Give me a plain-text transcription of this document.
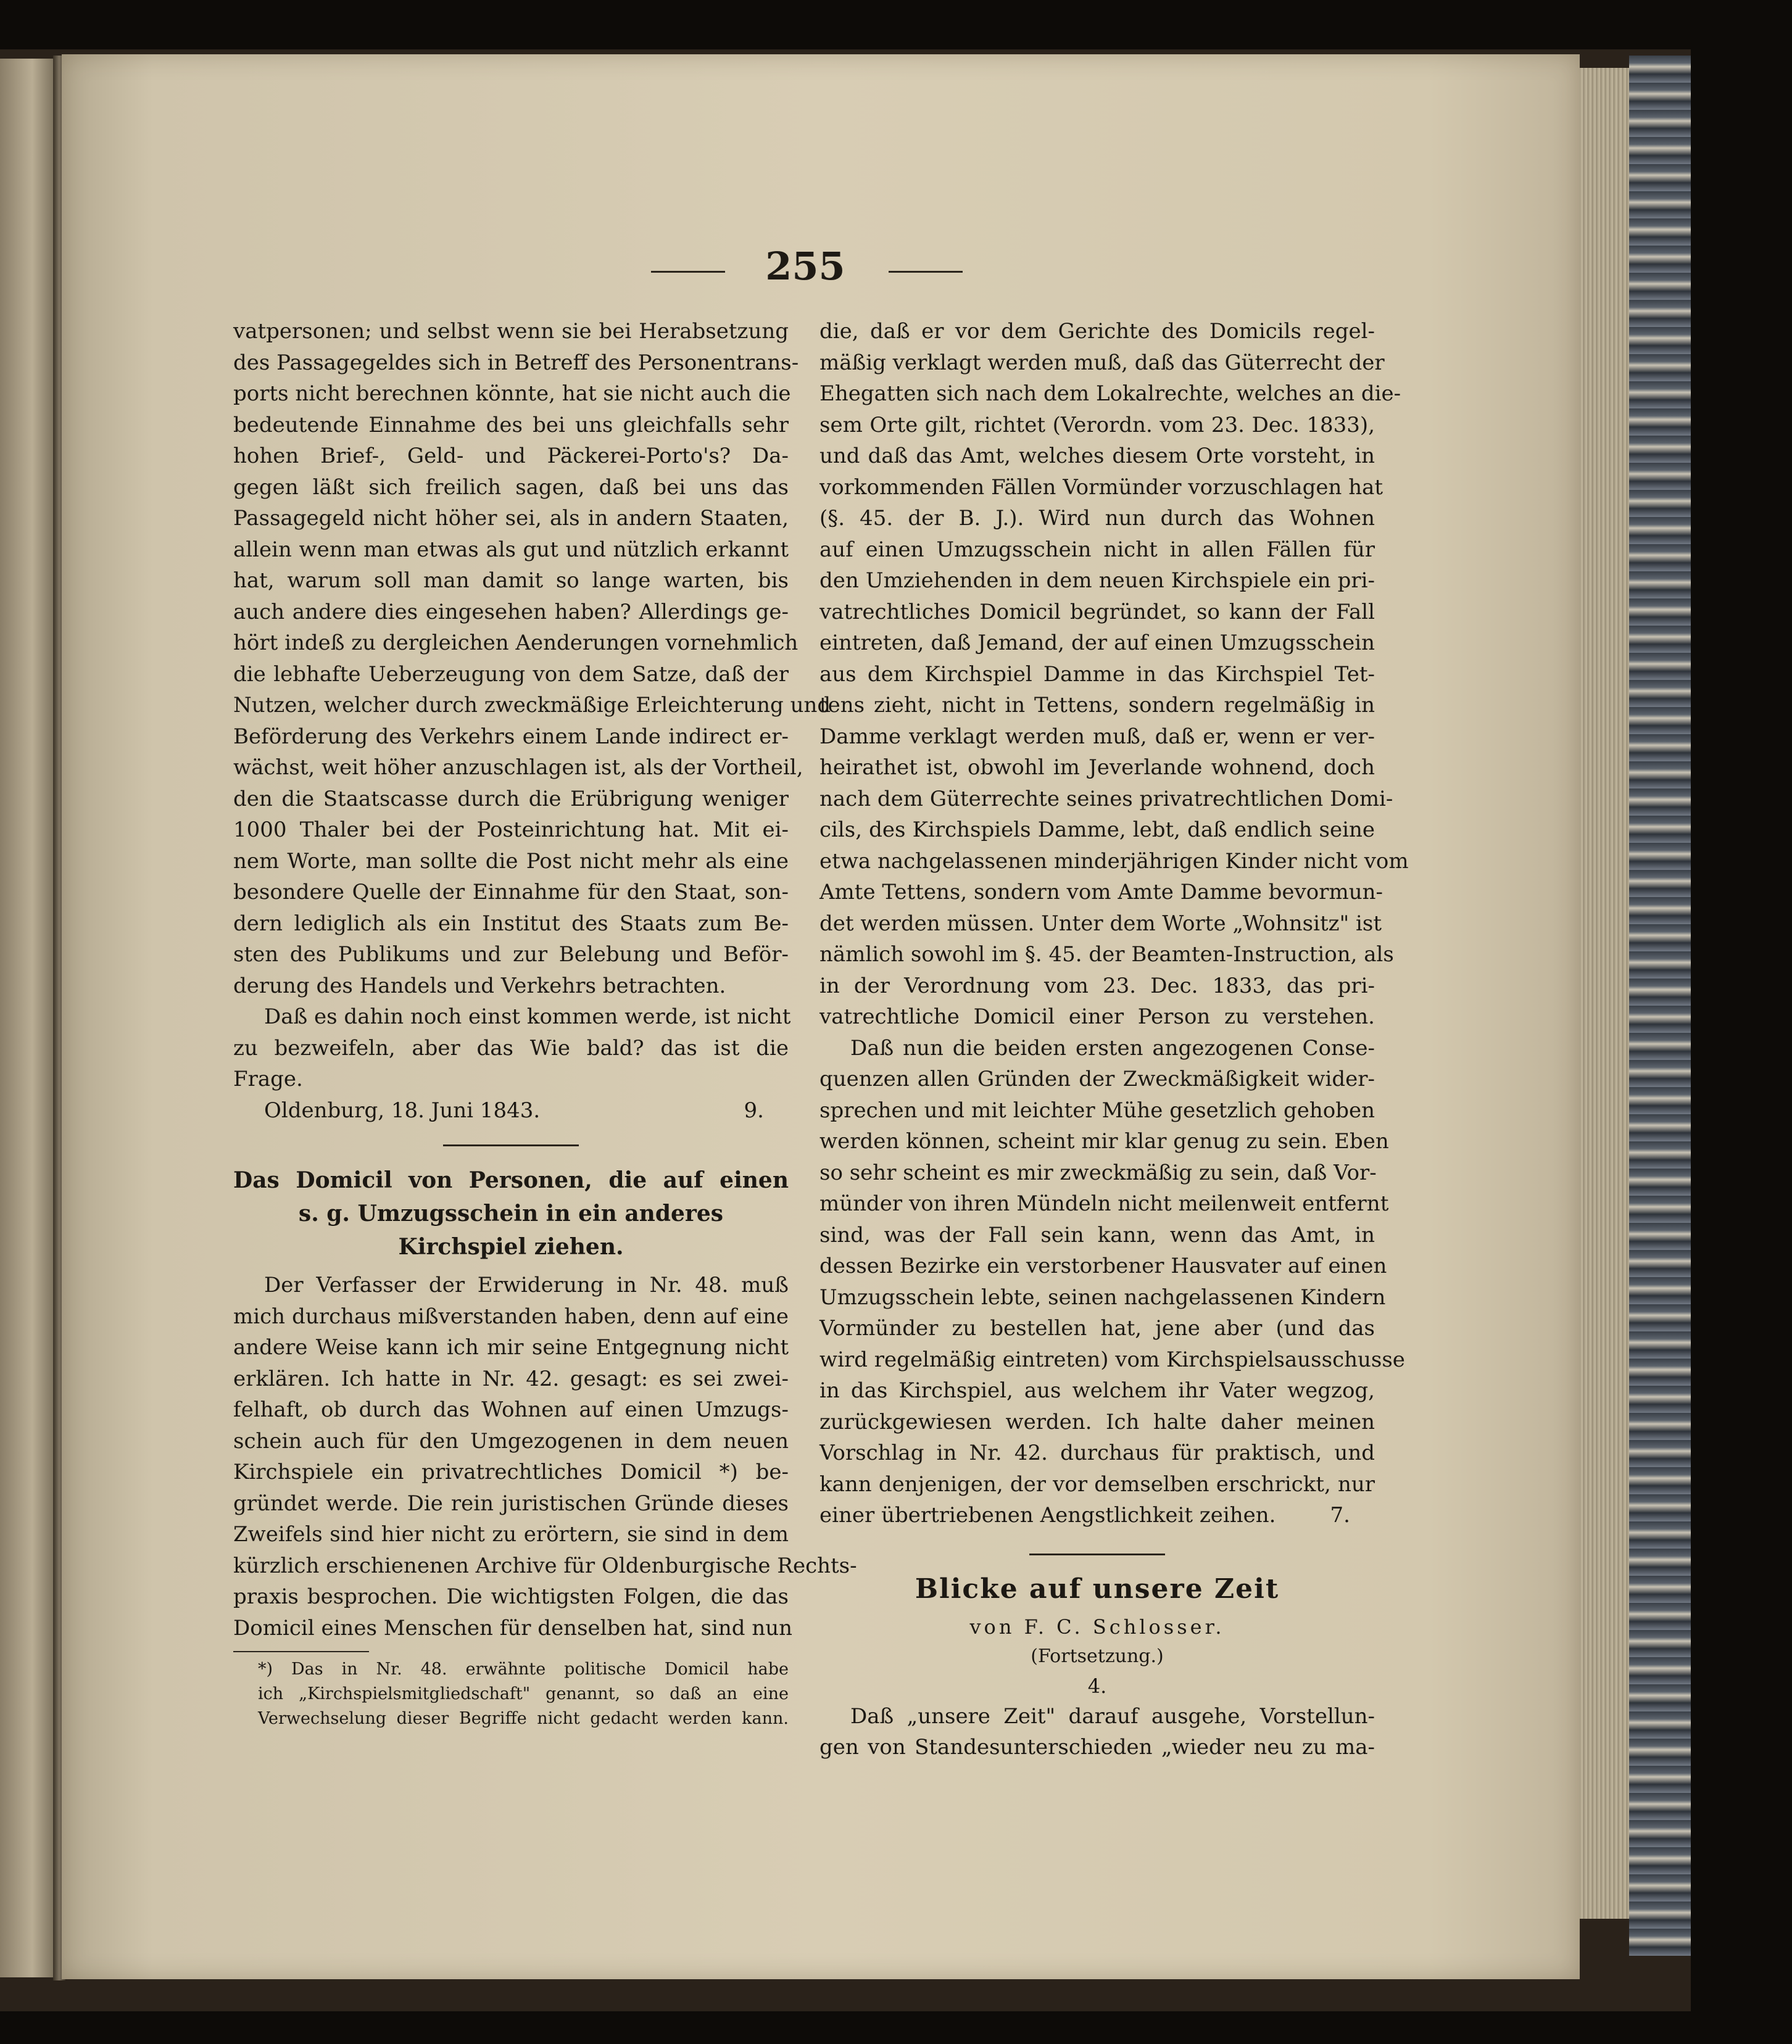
255

vatpersonen; und selbst wenn sie bei Herabsetzung
des Passagegeldes sich in Betreff des Personentrans-
ports nicht berechnen könnte, hat sie nicht auch die
bedeutende Einnahme des bei uns gleichfalls sehr
hohen Brief-, Geld- und Päckerei-Porto's? Da-
gegen läßt sich freilich sagen, daß bei uns das
Passagegeld nicht höher sei, als in andern Staaten,
allein wenn man etwas als gut und nützlich erkannt
hat, warum soll man damit so lange warten, bis
auch andere dies eingesehen haben? Allerdings ge-
hört indeß zu dergleichen Aenderungen vornehmlich
die lebhafte Ueberzeugung von dem Satze, daß der
Nutzen, welcher durch zweckmäßige Erleichterung und
Beförderung des Verkehrs einem Lande indirect er-
wächst, weit höher anzuschlagen ist, als der Vortheil,
den die Staatscasse durch die Erübrigung weniger
1000 Thaler bei der Posteinrichtung hat. Mit ei-
nem Worte, man sollte die Post nicht mehr als eine
besondere Quelle der Einnahme für den Staat, son-
dern lediglich als ein Institut des Staats zum Be-
sten des Publikums und zur Belebung und Beför-
derung des Handels und Verkehrs betrachten.

Daß es dahin noch einst kommen werde, ist nicht
zu bezweifeln, aber das Wie bald? das ist die
Frage.

Oldenburg, 18. Juni 1843.	9.
Das Domicil von Personen, die auf einen
s. g. Umzugsschein in ein anderes
Kirchspiel ziehen.

Der Verfasser der Erwiderung in Nr. 48. muß
mich durchaus mißverstanden haben, denn auf eine
andere Weise kann ich mir seine Entgegnung nicht
erklären. Ich hatte in Nr. 42. gesagt: es sei zwei-
felhaft, ob durch das Wohnen auf einen Umzugs-
schein auch für den Umgezogenen in dem neuen
Kirchspiele ein privatrechtliches Domicil *) be-
gründet werde. Die rein juristischen Gründe dieses
Zweifels sind hier nicht zu erörtern, sie sind in dem
kürzlich erschienenen Archive für Oldenburgische Rechts-
praxis besprochen. Die wichtigsten Folgen, die das
Domicil eines Menschen für denselben hat, sind nun

*) Das in Nr. 48. erwähnte politische Domicil habe
ich „Kirchspielsmitgliedschaft" genannt, so daß an eine
Verwechselung dieser Begriffe nicht gedacht werden kann.

die, daß er vor dem Gerichte des Domicils regel-
mäßig verklagt werden muß, daß das Güterrecht der
Ehegatten sich nach dem Lokalrechte, welches an die-
sem Orte gilt, richtet (Verordn. vom 23. Dec. 1833),
und daß das Amt, welches diesem Orte vorsteht, in
vorkommenden Fällen Vormünder vorzuschlagen hat
(§. 45. der B. J.). Wird nun durch das Wohnen
auf einen Umzugsschein nicht in allen Fällen für
den Umziehenden in dem neuen Kirchspiele ein pri-
vatrechtliches Domicil begründet, so kann der Fall
eintreten, daß Jemand, der auf einen Umzugsschein
aus dem Kirchspiel Damme in das Kirchspiel Tet-
tens zieht, nicht in Tettens, sondern regelmäßig in
Damme verklagt werden muß, daß er, wenn er ver-
heirathet ist, obwohl im Jeverlande wohnend, doch
nach dem Güterrechte seines privatrechtlichen Domi-
cils, des Kirchspiels Damme, lebt, daß endlich seine
etwa nachgelassenen minderjährigen Kinder nicht vom
Amte Tettens, sondern vom Amte Damme bevormun-
det werden müssen. Unter dem Worte „Wohnsitz" ist
nämlich sowohl im §. 45. der Beamten-Instruction, als
in der Verordnung vom 23. Dec. 1833, das pri-
vatrechtliche Domicil einer Person zu verstehen.

Daß nun die beiden ersten angezogenen Conse-
quenzen allen Gründen der Zweckmäßigkeit wider-
sprechen und mit leichter Mühe gesetzlich gehoben
werden können, scheint mir klar genug zu sein. Eben
so sehr scheint es mir zweckmäßig zu sein, daß Vor-
münder von ihren Mündeln nicht meilenweit entfernt
sind, was der Fall sein kann, wenn das Amt, in
dessen Bezirke ein verstorbener Hausvater auf einen
Umzugsschein lebte, seinen nachgelassenen Kindern
Vormünder zu bestellen hat, jene aber (und das
wird regelmäßig eintreten) vom Kirchspielsausschusse
in das Kirchspiel, aus welchem ihr Vater wegzog,
zurückgewiesen werden. Ich halte daher meinen
Vorschlag in Nr. 42. durchaus für praktisch, und
kann denjenigen, der vor demselben erschrickt, nur
einer übertriebenen Aengstlichkeit zeihen.	7.

Blicke auf unsere Zeit
von F. C. Schlosser.
(Fortsetzung.)
4.

Daß „unsere Zeit" darauf ausgehe, Vorstellun-
gen von Standesunterschieden „wieder neu zu ma-
